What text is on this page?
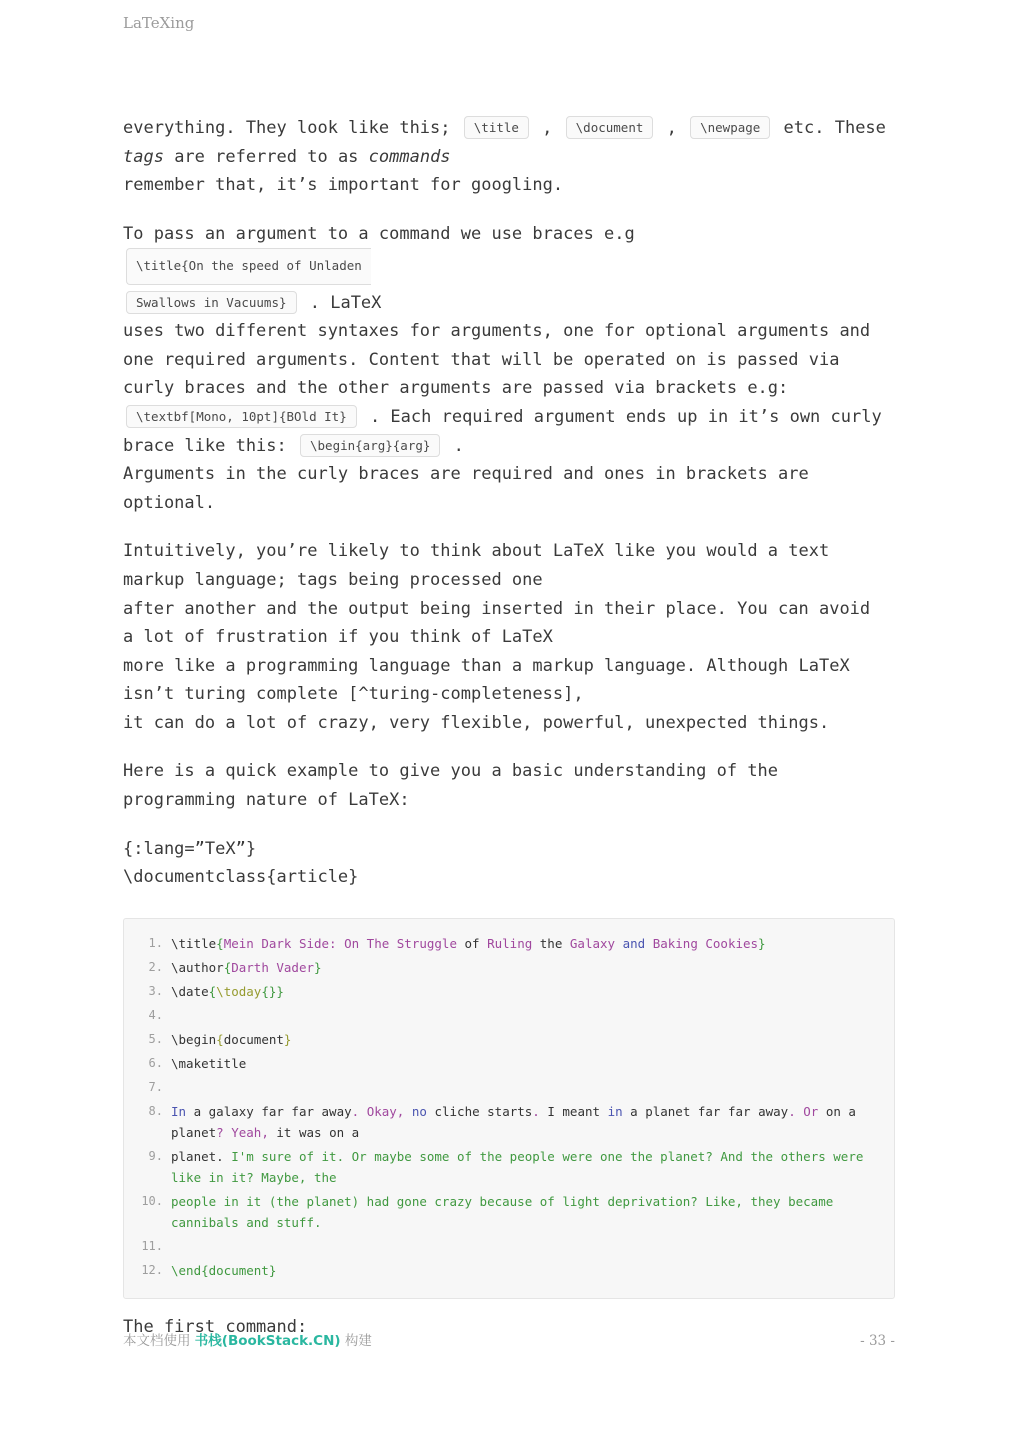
LaTeXing

everything. They look like this; \title , \document , \newpage etc. These
tags are referred to as commands
remember that, it’s important for googling.

To pass an argument to a command we use braces e.g \title{On the speed of Unladen
Swallows in Vacuums} . LaTeX
uses two different syntaxes for arguments, one for optional arguments and
one required arguments. Content that will be operated on is passed via
curly braces and the other arguments are passed via brackets e.g:
\textbf[Mono, 10pt]{BOld It} . Each required argument ends up in it’s own curly
brace like this: \begin{arg}{arg} .
Arguments in the curly braces are required and ones in brackets are
optional.

Intuitively, you’re likely to think about LaTeX like you would a text
markup language; tags being processed one
after another and the output being inserted in their place. You can avoid
a lot of frustration if you think of LaTeX
more like a programming language than a markup language. Although LaTeX
isn’t turing complete [^turing-completeness],
it can do a lot of crazy, very flexible, powerful, unexpected things.

Here is a quick example to give you a basic understanding of the
programming nature of LaTeX:

{:lang=”TeX”}
\documentclass{article}

\title{Mein Dark Side: On The Struggle of Ruling the Galaxy and Baking Cookies}
\author{Darth Vader}
\date{\today{}}
\begin{document}
\maketitle
In a galaxy far far away. Okay, no cliche starts. I meant in a planet far far away. Or on a planet? Yeah, it was on a
planet. I'm sure of it. Or maybe some of the people were one the planet? And the others were like in it? Maybe, the
people in it (the planet) had gone crazy because of light deprivation? Like, they became cannibals and stuff.
\end{document}

The first command:

本文档使用 书栈(BookStack.CN) 构建	- 33 -
